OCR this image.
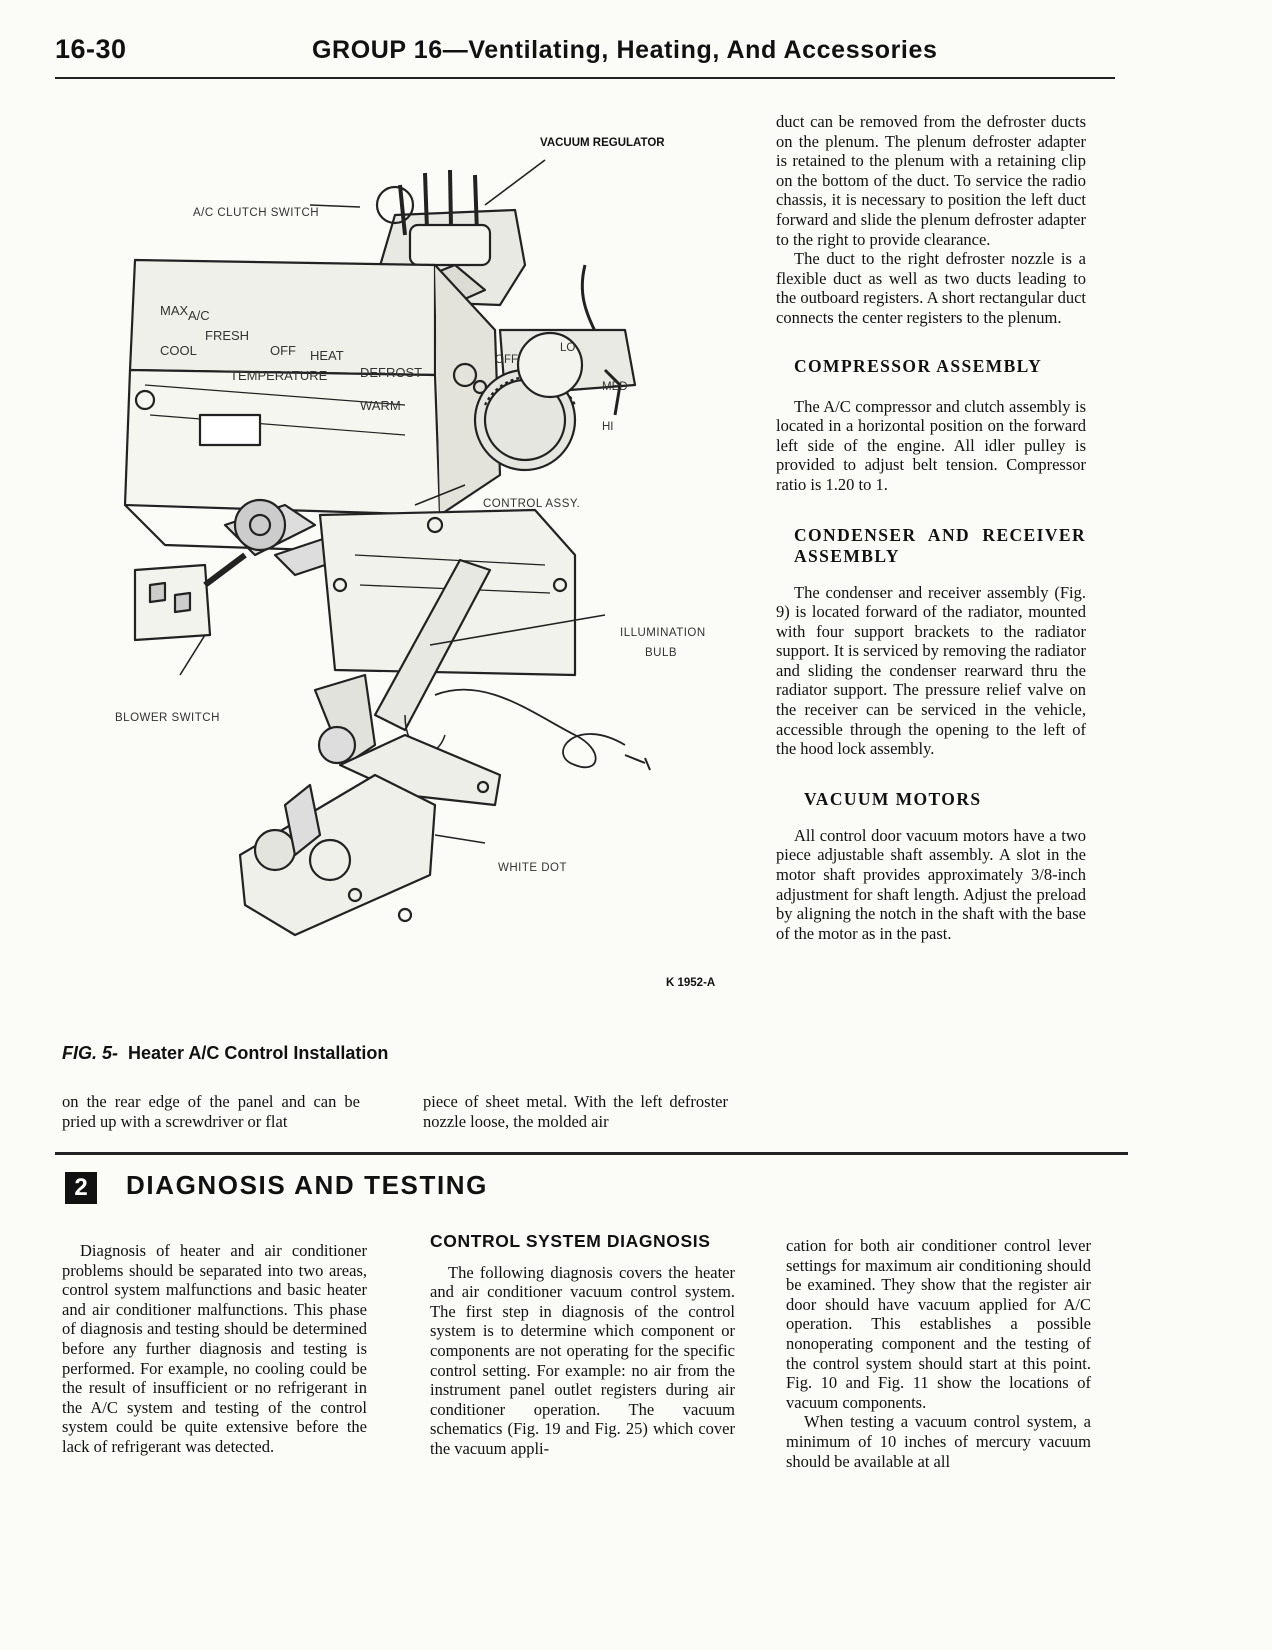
16-30	GROUP 16—Ventilating, Heating, And Accessories
MAX A/C
FRESH
OFF HEAT
DEFROST
COOL
TEMPERATURE
WARM
OFF
LO
MED
HI
VACUUM REGULATOR
A/C CLUTCH SWITCH
CONTROL ASSY.
ILLUMINATION
BULB
BLOWER SWITCH
WHITE DOT
K 1952-A
FIG. 5- Heater A/C Control Installation

on the rear edge of the panel and can be pried up with a screwdriver or flat

piece of sheet metal. With the left defroster nozzle loose, the molded air

duct can be removed from the defroster ducts on the plenum. The plenum defroster adapter is retained to the plenum with a retaining clip on the bottom of the duct. To service the radio chassis, it is necessary to position the left duct forward and slide the plenum defroster adapter to the right to provide clearance.

The duct to the right defroster nozzle is a flexible duct as well as two ducts leading to the outboard registers. A short rectangular duct connects the center registers to the plenum.

COMPRESSOR ASSEMBLY

The A/C compressor and clutch assembly is located in a horizontal position on the forward left side of the engine. All idler pulley is provided to adjust belt tension. Compressor ratio is 1.20 to 1.

CONDENSER AND RECEIVER ASSEMBLY

The condenser and receiver assembly (Fig. 9) is located forward of the radiator, mounted with four support brackets to the radiator support. It is serviced by removing the radiator and sliding the condenser rearward thru the radiator support. The pressure relief valve on the receiver can be serviced in the vehicle, accessible through the opening to the left of the hood lock assembly.

VACUUM MOTORS

All control door vacuum motors have a two piece adjustable shaft assembly. A slot in the motor shaft provides approximately 3/8-inch adjustment for shaft length. Adjust the preload by aligning the notch in the shaft with the base of the motor as in the past.

2	DIAGNOSIS AND TESTING

Diagnosis of heater and air conditioner problems should be separated into two areas, control system malfunctions and basic heater and air conditioner malfunctions. This phase of diagnosis and testing should be determined before any further diagnosis and testing is performed. For example, no cooling could be the result of insufficient or no refrigerant in the A/C system and testing of the control system could be quite extensive before the lack of refrigerant was detected.

CONTROL SYSTEM DIAGNOSIS

The following diagnosis covers the heater and air conditioner vacuum control system. The first step in diagnosis of the control system is to determine which component or components are not operating for the specific control setting. For example: no air from the instrument panel outlet registers during air conditioner operation. The vacuum schematics (Fig. 19 and Fig. 25) which cover the vacuum appli-

cation for both air conditioner control lever settings for maximum air conditioning should be examined. They show that the register air door should have vacuum applied for A/C operation. This establishes a possible nonoperating component and the testing of the control system should start at this point. Fig. 10 and Fig. 11 show the locations of vacuum components.

When testing a vacuum control system, a minimum of 10 inches of mercury vacuum should be available at all
